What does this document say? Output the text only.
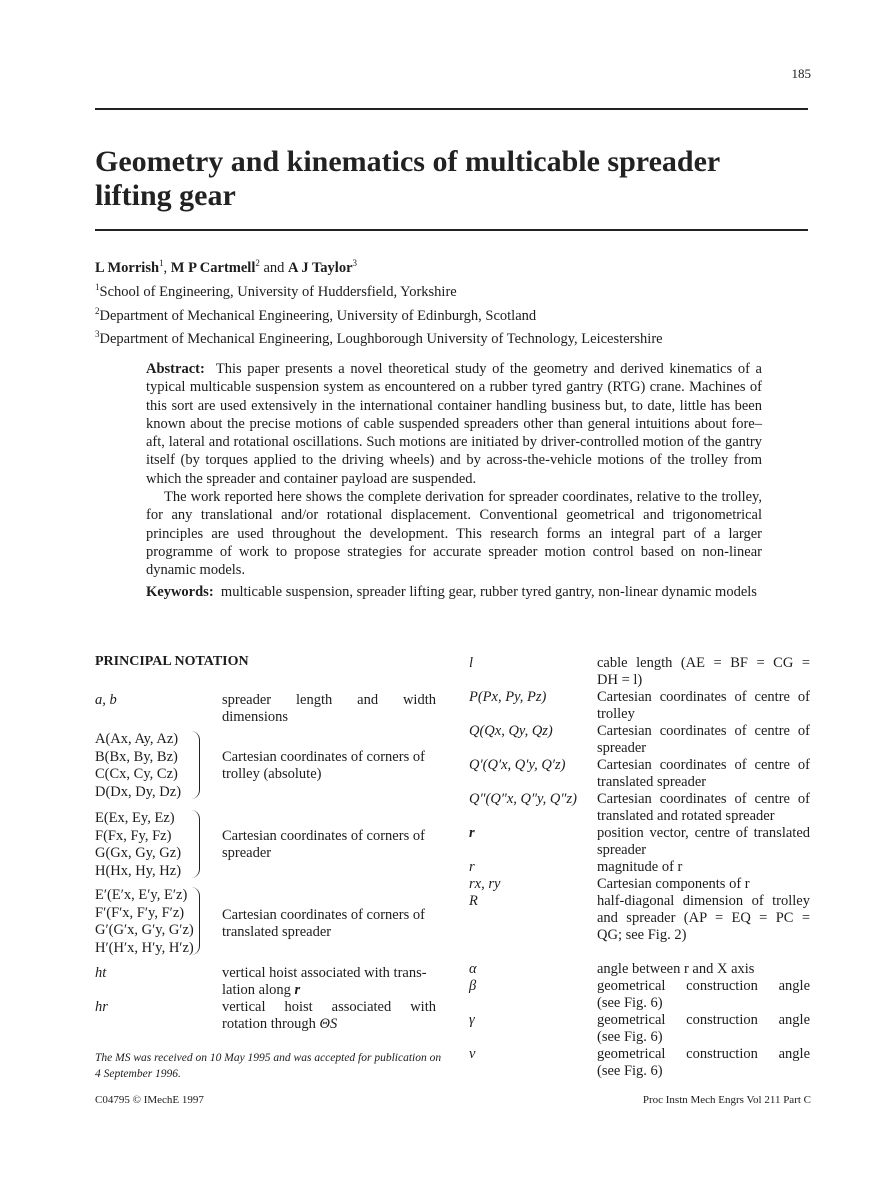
185
Geometry and kinematics of multicable spreader lifting gear
L Morrish$^1$, M P Cartmell$^2$ and A J Taylor$^3$
$^1$School of Engineering, University of Huddersfield, Yorkshire
$^2$Department of Mechanical Engineering, University of Edinburgh, Scotland
$^3$Department of Mechanical Engineering, Loughborough University of Technology, Leicestershire

Abstract: This paper presents a novel theoretical study of the geometry and derived kinematics of a typical multicable suspension system as encountered on a rubber tyred gantry (RTG) crane. Machines of this sort are used extensively in the international container handling business but, to date, little has been known about the precise motions of cable suspended spreaders other than general intuitions about fore–aft, lateral and rotational oscillations. Such motions are initiated by driver-controlled motion of the gantry itself (by torques applied to the driving wheels) and by across-the-vehicle motions of the trolley from which the spreader and container payload are suspended.

The work reported here shows the complete derivation for spreader coordinates, relative to the trolley, for any translational and/or rotational displacement. Conventional geometrical and trigonometrical principles are used throughout the development. This research forms an integral part of a larger programme of work to propose strategies for accurate spreader motion control based on non-linear dynamic models.

Keywords: multicable suspension, spreader lifting gear, rubber tyred gantry, non-linear dynamic models
PRINCIPAL NOTATION
a, b	spreader length and width
dimensions
A(Ax, Ay, Az)
B(Bx, By, Bz)
C(Cx, Cy, Cz)
D(Dx, Dy, Dz)
Cartesian coordinates of corners of
trolley (absolute)
E(Ex, Ey, Ez)
F(Fx, Fy, Fz)
G(Gx, Gy, Gz)
H(Hx, Hy, Hz)
Cartesian coordinates of corners of
spreader
E′(E′x, E′y, E′z)
F′(F′x, F′y, F′z)
G′(G′x, G′y, G′z)
H′(H′x, H′y, H′z)
Cartesian coordinates of corners of
translated spreader
ht	vertical hoist associated with trans-
lation along r
hr	vertical hoist associated with
rotation through ΘS
The MS was received on 10 May 1995 and was accepted for publication on 4 September 1996.
l	cable length (AE = BF = CG =
DH = l)
P(Px, Py, Pz)	Cartesian coordinates of centre of
trolley
Q(Qx, Qy, Qz)	Cartesian coordinates of centre of
spreader
Q′(Q′x, Q′y, Q′z) Cartesian coordinates of centre of
translated spreader
Q″(Q″x, Q″y, Q″z) Cartesian coordinates of centre of
translated and rotated spreader
r	position vector, centre of translated
spreader
r	magnitude of r
rx, ry	Cartesian components of r
R	half-diagonal dimension of trolley
and spreader (AP = EQ = PC =
QG; see Fig. 2)
α	angle between r and X axis
β	geometrical construction angle
(see Fig. 6)
γ	geometrical construction angle
(see Fig. 6)
ν	geometrical construction angle
(see Fig. 6)
C04795 © IMechE 1997	Proc Instn Mech Engrs Vol 211 Part C
